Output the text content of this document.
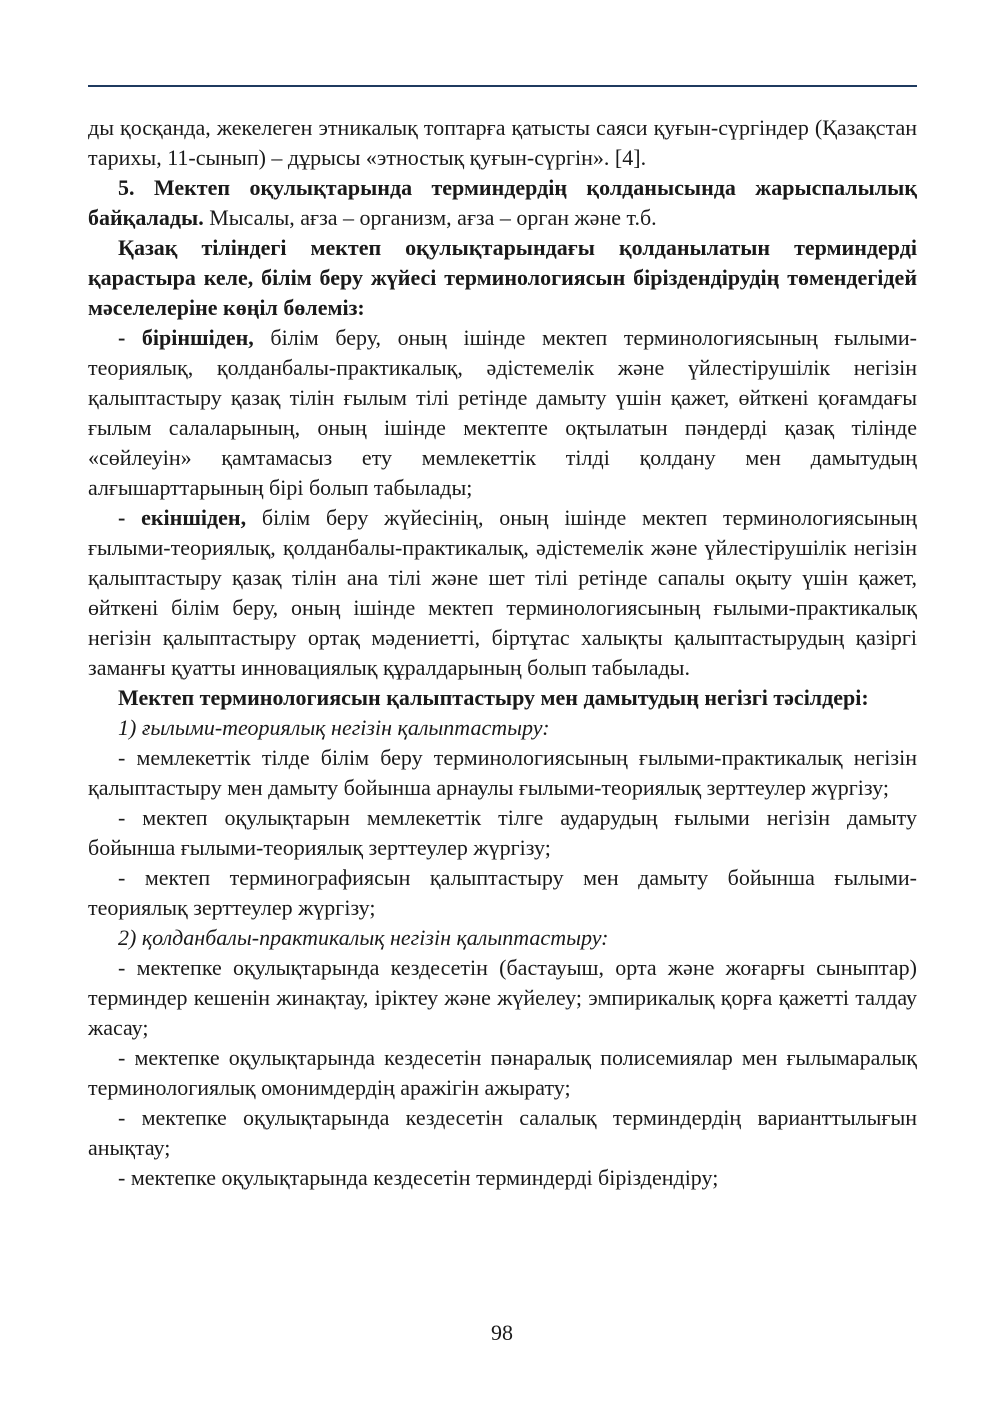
ды қосқанда, жекелеген этникалық топтарға қатысты саяси қуғын-сүргіндер (Қазақстан тарихы, 11-сынып) – дұрысы «этностық қуғын-сүргін». [4].

5. Мектеп оқулықтарында терминдердің қолданысында жарыспалылық байқалады. Мысалы, ағза – организм, ағза – орган және т.б.

Қазақ тіліндегі мектеп оқулықтарындағы қолданылатын терминдерді қарастыра келе, білім беру жүйесі терминологиясын біріздендірудің төмендегідей мәселелеріне көңіл бөлеміз:

- біріншіден, білім беру, оның ішінде мектеп терминологиясының ғылыми-теориялық, қолданбалы-практикалық, әдістемелік және үйлестірушілік негізін қалыптастыру қазақ тілін ғылым тілі ретінде дамыту үшін қажет, өйткені қоғамдағы ғылым салаларының, оның ішінде мектепте оқтылатын пәндерді қазақ тілінде «сөйлеуін» қамтамасыз ету мемлекеттік тілді қолдану мен дамытудың алғышарттарының бірі болып табылады;

- екіншіден, білім беру жүйесінің, оның ішінде мектеп терминологиясының ғылыми-теориялық, қолданбалы-практикалық, әдістемелік және үйлестірушілік негізін қалыптастыру қазақ тілін ана тілі және шет тілі ретінде сапалы оқыту үшін қажет, өйткені білім беру, оның ішінде мектеп терминологиясының ғылыми-практикалық негізін қалыптастыру ортақ мәдениетті, біртұтас халықты қалыптастырудың қазіргі заманғы қуатты инновациялық құралдарының болып табылады.

Мектеп терминологиясын қалыптастыру мен дамытудың негізгі тәсілдері:

1) ғылыми-теориялық негізін қалыптастыру:

- мемлекеттік тілде білім беру терминологиясының ғылыми-практикалық негізін қалыптастыру мен дамыту бойынша арнаулы ғылыми-теориялық зерттеулер жүргізу;

- мектеп оқулықтарын мемлекеттік тілге аударудың ғылыми негізін дамыту бойынша ғылыми-теориялық зерттеулер жүргізу;

- мектеп терминографиясын қалыптастыру мен дамыту бойынша ғылыми-теориялық зерттеулер жүргізу;

2) қолданбалы-практикалық негізін қалыптастыру:

- мектепке оқулықтарында кездесетін (бастауыш, орта және жоғарғы сыныптар) терминдер кешенін жинақтау, іріктеу және жүйелеу; эмпирикалық қорға қажетті талдау жасау;

- мектепке оқулықтарында кездесетін пәнаралық полисемиялар мен ғылымаралық терминологиялық омонимдердің аражігін ажырату;

- мектепке оқулықтарында кездесетін салалық терминдердің варианттылығын анықтау;

- мектепке оқулықтарында кездесетін терминдерді біріздендіру;

98
